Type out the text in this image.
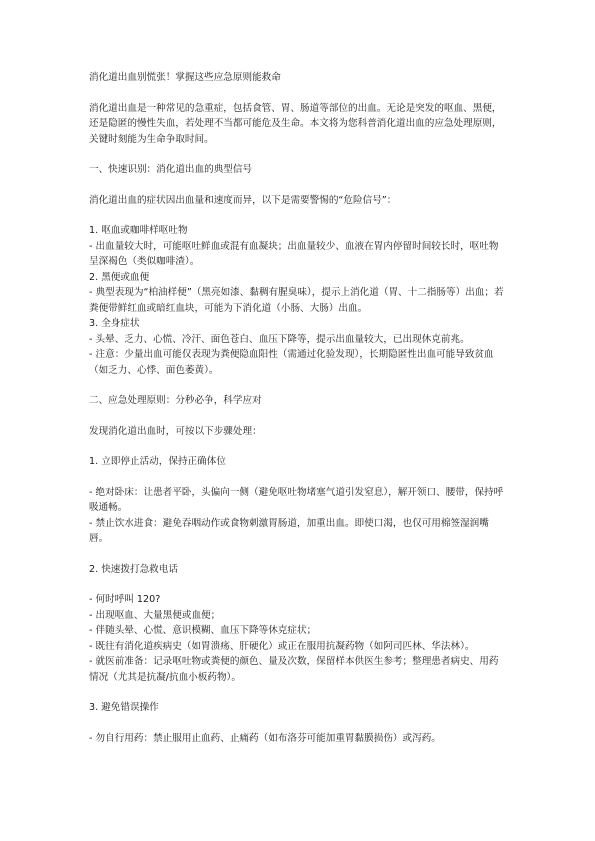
消化道出血别慌张！掌握这些应急原则能救命

消化道出血是一种常见的急重症，包括食管、胃、肠道等部位的出血。无论是突发的呕血、黑便，还是隐匿的慢性失血，若处理不当都可能危及生命。本文将为您科普消化道出血的应急处理原则，关键时刻能为生命争取时间。

一、快速识别：消化道出血的典型信号

消化道出血的症状因出血量和速度而异，以下是需要警惕的“危险信号”：

1. 呕血或咖啡样呕吐物

- 出血量较大时，可能呕吐鲜血或混有血凝块；出血量较少、血液在胃内停留时间较长时，呕吐物呈深褐色（类似咖啡渣）。

2. 黑便或血便

- 典型表现为“柏油样便”（黑亮如漆、黏稠有腥臭味），提示上消化道（胃、十二指肠等）出血；若粪便带鲜红血或暗红血块，可能为下消化道（小肠、大肠）出血。

3. 全身症状

- 头晕、乏力、心慌、冷汗、面色苍白、血压下降等，提示出血量较大，已出现休克前兆。

- 注意：少量出血可能仅表现为粪便隐血阳性（需通过化验发现），长期隐匿性出血可能导致贫血（如乏力、心悸、面色萎黄）。

二、应急处理原则：分秒必争，科学应对

发现消化道出血时，可按以下步骤处理：

1. 立即停止活动，保持正确体位

- 绝对卧床：让患者平卧，头偏向一侧（避免呕吐物堵塞气道引发窒息），解开领口、腰带，保持呼吸通畅。

- 禁止饮水进食：避免吞咽动作或食物刺激胃肠道，加重出血。即使口渴，也仅可用棉签湿润嘴唇。

2. 快速拨打急救电话

- 何时呼叫 120?

- 出现呕血、大量黑便或血便；

- 伴随头晕、心慌、意识模糊、血压下降等休克症状；

- 既往有消化道疾病史（如胃溃疡、肝硬化）或正在服用抗凝药物（如阿司匹林、华法林）。

- 就医前准备：记录呕吐物或粪便的颜色、量及次数，保留样本供医生参考；整理患者病史、用药情况（尤其是抗凝/抗血小板药物）。

3. 避免错误操作

- 勿自行用药：禁止服用止血药、止痛药（如布洛芬可能加重胃黏膜损伤）或泻药。
